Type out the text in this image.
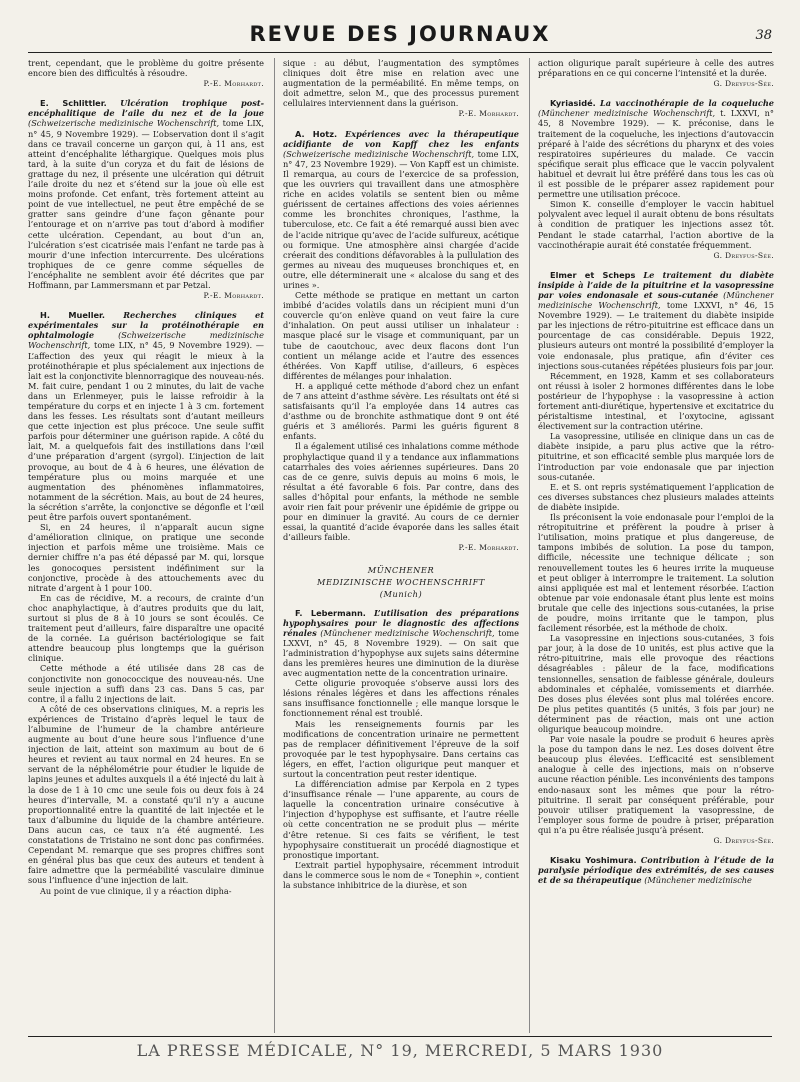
REVUE DES JOURNAUX	38

trent, cependant, que le problème du goitre présente encore bien des difficultés à résoudre.

P.-E. Morhardt.

E. Schlittler. Ulcération trophique post-encéphalitique de l’aile du nez et de la joue (Schweizerische medizinische Wochenschrift, tome LIX, n° 45, 9 Novembre 1929). — L’observation dont il s’agit dans ce travail concerne un garçon qui, à 11 ans, est atteint d’encéphalite léthargique. Quelques mois plus tard, à la suite d’un coryza et du fait de lésions de grattage du nez, il présente une ulcération qui détruit l’aile droite du nez et s’étend sur la joue où elle est moins profonde. Cet enfant, très fortement atteint au point de vue intellectuel, ne peut être empêché de se gratter sans geindre d’une façon gênante pour l’entourage et on n’arrive pas tout d’abord à modifier cette ulcération. Cependant, au bout d’un an, l’ulcération s’est cicatrisée mais l’enfant ne tarde pas à mourir d’une infection intercurrente. Des ulcérations trophiques de ce genre comme séquelles de l’encéphalite ne semblent avoir été décrites que par Hoffmann, par Lammersmann et par Petzal.

P.-E. Morhardt.

H. Mueller. Recherches cliniques et expérimentales sur la protéinothérapie en ophtalmologie	(Schweizerische medizinische Wochenschrift, tome LIX, n° 45, 9 Novembre 1929). — L’affection des yeux qui réagit le mieux à la protéinothérapie et plus spécialement aux injections de lait est la conjonctivite blennorragique des nouveau-nés. M. fait cuire, pendant 1 ou 2 minutes, du lait de vache dans un Erlenmeyer, puis le laisse refroidir à la température du corps et en injecte 1 à 3 cm. fortement dans les fesses. Les résultats sont d’autant meilleurs que cette injection est plus précoce. Une seule suffit parfois pour déterminer une guérison rapide. A côté du lait, M. a quelquefois fait des instillations dans l’œil d’une préparation d’argent (syrgol). L’injection de lait provoque, au bout de 4 à 6 heures, une élévation de température plus ou moins marquée et une augmentation des phénomènes inflammatoires, notamment de la sécrétion. Mais, au bout de 24 heures, la sécrétion s’arrête, la conjonctive se dégonfle et l’œil peut être parfois ouvert spontanément.

Si, en 24 heures, il n’apparaît aucun signe d’amélioration clinique, on pratique une seconde injection et parfois même une troisième. Mais ce dernier chiffre n’a pas été dépassé par M. qui, lorsque les gonocoques persistent indéfiniment sur la conjonctive, procède à des attouchements avec du nitrate d’argent à 1 pour 100.

En cas de récidive, M. a recours, de crainte d’un choc anaphylactique, à d’autres produits que du lait, surtout si plus de 8 à 10 jours se sont écoulés. Ce traitement peut d’ailleurs, faire disparaître une opacité de la cornée. La guérison bactériologique se fait attendre beaucoup plus longtemps que la guérison clinique.

Cette méthode a été utilisée dans 28 cas de conjonctivite non gonococcique des nouveau-nés. Une seule injection a suffi dans 23 cas. Dans 5 cas, par contre, il a fallu 2 injections de lait.

A côté de ces observations cliniques, M. a repris les expériences de Tristaino d’après lequel le taux de l’albumine de l’humeur de la chambre antérieure augmente au bout d’une heure sous l’influence d’une injection de lait, atteint son maximum au bout de 6 heures et revient au taux normal en 24 heures. En se servant de la néphélométrie pour étudier le liquide de lapins jeunes et adultes auxquels il a été injecté du lait à la dose de 1 à 10 cmc une seule fois ou deux fois à 24 heures d’intervalle, M. a constaté qu’il n’y a aucune proportionnalité entre la quantité de lait injectée et le taux d’albumine du liquide de la chambre antérieure. Dans aucun cas, ce taux n’a été augmenté. Les constatations de Tristaino ne sont donc pas confirmées. Cependant M. remarque que ses propres chiffres sont en général plus bas que ceux des auteurs et tendent à faire admettre que la perméabilité vasculaire diminue sous l’influence d’une injection de lait.

Au point de vue clinique, il y a réaction dipha-

sique : au début, l’augmentation des symptômes cliniques doit être mise en relation avec une augmentation de la perméabilité. En même temps, on doit admettre, selon M., que des processus purement cellulaires interviennent dans la guérison.

P.-E. Morhardt.

A. Hotz. Expériences avec la thérapeutique acidifiante de von Kapff chez les enfants (Schweizerische medizinische Wochenschrift, tome LIX, n° 47, 23 Novembre 1929). — Von Kapff est un chimiste. Il remarqua, au cours de l’exercice de sa profession, que les ouvriers qui travaillent dans une atmosphère riche en acides volatils se sentent bien ou même guérissent de certaines affections des voies aériennes comme les bronchites chroniques, l’asthme, la tuberculose, etc. Ce fait a été remarqué aussi bien avec de l’acide nitrique qu’avec de l’acide sulfureux, acétique ou formique. Une atmosphère ainsi chargée d’acide créerait des conditions défavorables à la pullulation des germes au niveau des muqueuses bronchiques et, en outre, elle déterminerait une « alcalose du sang et des urines ».

Cette méthode se pratique en mettant un carton imbibé d’acides volatils dans un récipient muni d’un couvercle qu’on enlève quand on veut faire la cure d’inhalation. On peut aussi utiliser un inhalateur : masque placé sur le visage et communiquant, par un tube de caoutchouc, avec deux flacons dont l’un contient un mélange acide et l’autre des essences éthérées. Von Kapff utilise, d’ailleurs, 6 espèces différentes de mélanges pour inhalation.

H. a appliqué cette méthode d’abord chez un enfant de 7 ans atteint d’asthme sévère. Les résultats ont été si satisfaisants qu’il l’a employée dans 14 autres cas d’asthme ou de bronchite asthmatique dont 9 ont été guéris et 3 améliorés. Parmi les guéris figurent 8 enfants.

Il a également utilisé ces inhalations comme méthode prophylactique quand il y a tendance aux inflammations catarrhales des voies aériennes supérieures. Dans 20 cas de ce genre, suivis depuis au moins 6 mois, le résultat a été favorable 6 fois. Par contre, dans des salles d’hôpital pour enfants, la méthode ne semble avoir rien fait pour prévenir une épidémie de grippe ou pour en diminuer la gravité. Au cours de ce dernier essai, la quantité d’acide évaporée dans les salles était d’ailleurs faible.

P.-E. Morhardt.
MÜNCHENER
MEDIZINISCHE WOCHENSCHRIFT
(Munich)

F. Lebermann. L’utilisation des préparations hypophysaires pour le diagnostic des affections rénales (Münchener medizinische Wochenschrift, tome LXXVI, n° 45, 8 Novembre 1929). — On sait que l’administration d’hypophyse aux sujets sains détermine dans les premières heures une diminution de la diurèse avec augmentation nette de la concentration urinaire.

Cette oligurie provoquée s’observe aussi lors des lésions rénales légères et dans les affections rénales sans insuffisance fonctionnelle ; elle manque lorsque le fonctionnement rénal est troublé.

Mais les renseignements fournis par les modifications de concentration urinaire ne permettent pas de remplacer définitivement l’épreuve de la soif provoquée par le test hypophysaire. Dans certains cas légers, en effet, l’action oligurique peut manquer et surtout la concentration peut rester identique.

La différenciation admise par Kerpola en 2 types d’insuffisance rénale — l’une apparente, au cours de laquelle la concentration urinaire consécutive à l’injection d’hypophyse est suffisante, et l’autre réelle où cette concentration ne se produit plus — mérite d’être retenue. Si ces faits se vérifient, le test hypophysaire constituerait un procédé diagnostique et pronostique important.

L’extrait partiel hypophysaire, récemment introduit dans le commerce sous le nom de « Tonephin », contient la substance inhibitrice de la diurèse, et son

action oligurique paraît supérieure à celle des autres préparations en ce qui concerne l’intensité et la durée.

G. Dreyfus-Sée.

Kyriasidé. La vaccinothérapie de la coqueluche (Münchener medizinische Wochenschrift, t. LXXVI, n° 45, 8 Novembre 1929). — K. préconise, dans le traitement de la coqueluche, les injections d’autovaccin préparé à l’aide des sécrétions du pharynx et des voies respiratoires supérieures du malade. Ce vaccin spécifique serait plus efficace que le vaccin polyvalent habituel et devrait lui être préféré dans tous les cas où il est possible de le préparer assez rapidement pour permettre une utilisation précoce.

Simon K. conseille d’employer le vaccin habituel polyvalent avec lequel il aurait obtenu de bons résultats à condition de pratiquer les injections assez tôt. Pendant le stade catarrhal, l’action abortive de la vaccinothérapie aurait été constatée fréquemment.

G. Dreyfus-Sée.

Elmer et Scheps Le traitement du diabète insipide à l’aide de la pituitrine et la vasopressine par voies endonasale et sous-cutanée (Münchener medizinische Wochenschrift, tome LXXVI, n° 46, 15 Novembre 1929). — Le traitement du diabète insipide par les injections de rétro-pituitrine est efficace dans un pourcentage de cas considérable. Depuis 1922, plusieurs auteurs ont montré la possibilité d’employer la voie endonasale, plus pratique, afin d’éviter ces injections sous-cutanées répétées plusieurs fois par jour.

Récemment, en 1928, Kamm et ses collaborateurs ont réussi à isoler 2 hormones différentes dans le lobe postérieur de l’hypophyse : la vasopressine à action fortement anti-diurétique, hypertensive et excitatrice du péristaltisme intestinal, et l’oxytocine, agissant électivement sur la contraction utérine.

La vasopressine, utilisée en clinique dans un cas de diabète insipide, a paru plus active que la rétro-pituitrine, et son efficacité semble plus marquée lors de l’introduction par voie endonasale que par injection sous-cutanée.

E. et S. ont repris systématiquement l’application de ces diverses substances chez plusieurs malades atteints de diabète insipide.

Ils préconisent la voie endonasale pour l’emploi de la rétropituitrine et préfèrent la poudre à priser à l’utilisation, moins pratique et plus dangereuse, de tampons imbibés de solution. La pose du tampon, difficile, nécessite une technique délicate ; son renouvellement toutes les 6 heures irrite la muqueuse et peut obliger à interrompre le traitement. La solution ainsi appliquée est mal et lentement résorbée. L’action obtenue par voie endonasale étant plus lente est moins brutale que celle des injections sous-cutanées, la prise de poudre, moins irritante que le tampon, plus facilement résorbée, est la méthode de choix.

La vasopressine en injections sous-cutanées, 3 fois par jour, à la dose de 10 unités, est plus active que la rétro-pituitrine, mais elle provoque des réactions désagréables : pâleur de la face, modifications tensionnelles, sensation de faiblesse générale, douleurs abdominales et céphalée, vomissements et diarrhée. Des doses plus élevées sont plus mal tolérées encore. De plus petites quantités (5 unités, 3 fois par jour) ne déterminent pas de réaction, mais ont une action oligurique beaucoup moindre.

Par voie nasale la poudre se produit 6 heures après la pose du tampon dans le nez. Les doses doivent être beaucoup plus élevées. L’efficacité est sensiblement analogue à celle des injections, mais on n’observe aucune réaction pénible. Les inconvénients des tampons endo-nasaux sont les mêmes que pour la rétro-pituitrine. Il serait par conséquent préférable, pour pouvoir utiliser pratiquement la vasopressine, de l’employer sous forme de poudre à priser, préparation qui n’a pu être réalisée jusqu’à présent.

G. Dreyfus-Sée.

Kisaku Yoshimura. Contribution à l’étude de la paralysie périodique des extrémités, de ses causes et de sa thérapeutique (Münchener medizinische

LA PRESSE MÉDICALE, N° 19, MERCREDI, 5 MARS 1930
